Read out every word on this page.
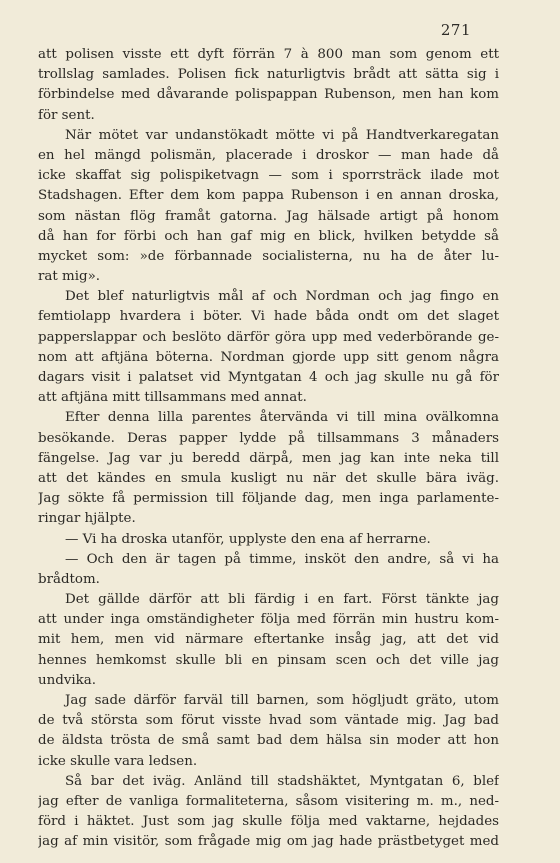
271
att polisen visste ett dyft förrän 7 à 800 man som genom ett
trollslag samlades. Polisen fick naturligtvis brådt att sätta sig i
förbindelse med dåvarande polispappan Rubenson, men han kom
för sent.
När mötet var undanstökadt mötte vi på Handtverkaregatan
en hel mängd polismän, placerade i droskor — man hade då
icke skaffat sig polispiketvagn — som i sporrsträck ilade mot
Stadshagen. Efter dem kom pappa Rubenson i en annan droska,
som nästan flög framåt gatorna. Jag hälsade artigt på honom
då han for förbi och han gaf mig en blick, hvilken betydde så
mycket som: »de förbannade socialisterna, nu ha de åter lu-
rat mig».
Det blef naturligtvis mål af och Nordman och jag fingo en
femtiolapp hvardera i böter. Vi hade båda ondt om det slaget
papperslappar och beslöto därför göra upp med vederbörande ge-
nom att aftjäna böterna. Nordman gjorde upp sitt genom några
dagars visit i palatset vid Myntgatan 4 och jag skulle nu gå för
att aftjäna mitt tillsammans med annat.
Efter denna lilla parentes återvända vi till mina ovälkomna
besökande. Deras papper lydde på tillsammans 3 månaders
fängelse. Jag var ju beredd därpå, men jag kan inte neka till
att det kändes en smula kusligt nu när det skulle bära iväg.
Jag sökte få permission till följande dag, men inga parlamente-
ringar hjälpte.
— Vi ha droska utanför, upplyste den ena af herrarne.
— Och den är tagen på timme, insköt den andre, så vi ha
brådtom.
Det gällde därför att bli färdig i en fart. Först tänkte jag
att under inga omständigheter följa med förrän min hustru kom-
mit hem, men vid närmare eftertanke insåg jag, att det vid
hennes hemkomst skulle bli en pinsam scen och det ville jag
undvika.
Jag sade därför farväl till barnen, som högljudt gräto, utom
de två största som förut visste hvad som väntade mig. Jag bad
de äldsta trösta de små samt bad dem hälsa sin moder att hon
icke skulle vara ledsen.
Så bar det iväg. Anländ till stadshäktet, Myntgatan 6, blef
jag efter de vanliga formaliteterna, såsom visitering m. m., ned-
förd i häktet. Just som jag skulle följa med vaktarne, hejdades
jag af min visitör, som frågade mig om jag hade prästbetyget med
